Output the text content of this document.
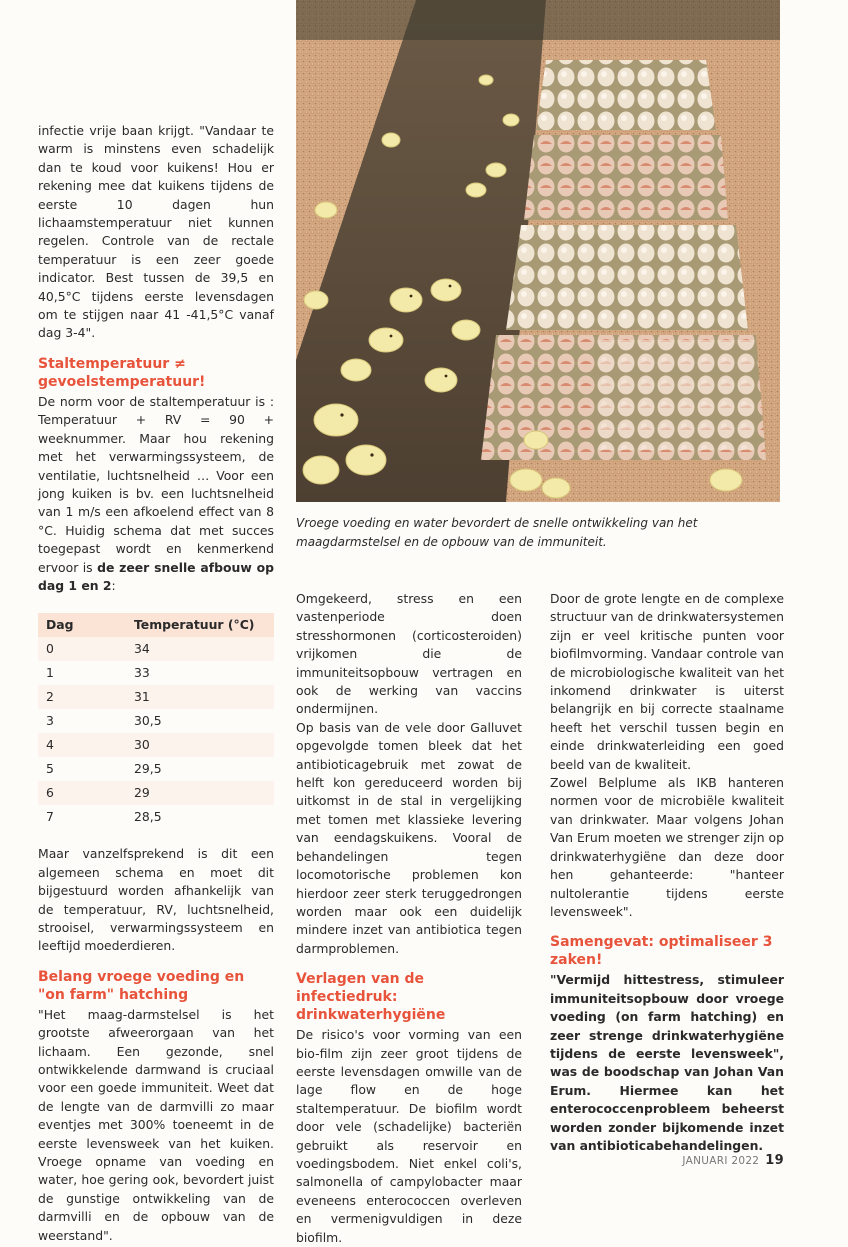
Vroege voeding en water bevordert de snelle ontwikkeling van het maagdarmstelsel en de opbouw van de immuniteit.

infectie vrije baan krijgt. "Vandaar te warm is minstens even schadelijk dan te koud voor kuikens! Hou er rekening mee dat kuikens tijdens de eerste 10 dagen hun lichaamstemperatuur niet kunnen regelen. Controle van de rectale temperatuur is een zeer goede indicator. Best tussen de 39,5 en 40,5°C tijdens eerste levensdagen om te stijgen naar 41 -41,5°C vanaf dag 3-4".

Staltemperatuur ≠ gevoelstemperatuur!

De norm voor de staltemperatuur is : Temperatuur + RV = 90 + weeknummer. Maar hou rekening met het verwarmingssysteem, de ventilatie, luchtsnelheid … Voor een jong kuiken is bv. een luchtsnelheid van 1 m/s een afkoelend effect van 8 °C. Huidig schema dat met succes toegepast wordt en kenmerkend ervoor is de zeer snelle afbouw op dag 1 en 2:

Dag	Temperatuur (°C)
0	34
1	33
2	31
3	30,5
4	30
5	29,5
6	29
7	28,5

Maar vanzelfsprekend is dit een algemeen schema en moet dit bijgestuurd worden afhankelijk van de temperatuur, RV, luchtsnelheid, strooisel, verwarmingssysteem en leeftijd moederdieren.

Belang vroege voeding en "on farm" hatching

"Het maag-darmstelsel is het grootste afweerorgaan van het lichaam. Een gezonde, snel ontwikkelende darmwand is cruciaal voor een goede immuniteit. Weet dat de lengte van de darmvilli zo maar eventjes met 300% toeneemt in de eerste levensweek van het kuiken. Vroege opname van voeding en water, hoe gering ook, bevordert juist de gunstige ontwikkeling van de darmvilli en de opbouw van de weerstand".

Omgekeerd, stress en een vastenperiode doen stresshormonen (corticosteroiden) vrijkomen die de immuniteitsopbouw vertragen en ook de werking van vaccins ondermijnen.

Op basis van de vele door Galluvet opgevolgde tomen bleek dat het antibioticagebruik met zowat de helft kon gereduceerd worden bij uitkomst in de stal in vergelijking met tomen met klassieke levering van eendagskuikens. Vooral de behandelingen tegen locomotorische problemen kon hierdoor zeer sterk teruggedrongen worden maar ook een duidelijk mindere inzet van antibiotica tegen darmproblemen.

Verlagen van de infectiedruk: drinkwaterhygiëne

De risico's voor vorming van een bio-film zijn zeer groot tijdens de eerste levensdagen omwille van de lage flow en de hoge staltemperatuur. De biofilm wordt door vele (schadelijke) bacteriën gebruikt als reservoir en voedingsbodem. Niet enkel coli's, salmonella of campylobacter maar eveneens enterococcen overleven en vermenigvuldigen in deze biofilm.

Door de grote lengte en de complexe structuur van de drinkwatersystemen zijn er veel kritische punten voor biofilmvorming. Vandaar controle van de microbiologische kwaliteit van het inkomend drinkwater is uiterst belangrijk en bij correcte staalname heeft het verschil tussen begin en einde drinkwaterleiding een goed beeld van de kwaliteit.

Zowel Belplume als IKB hanteren normen voor de microbiële kwaliteit van drinkwater. Maar volgens Johan Van Erum moeten we strenger zijn op drinkwaterhygiëne dan deze door hen gehanteerde: "hanteer nultolerantie tijdens eerste levensweek".

Samengevat: optimaliseer 3 zaken!

"Vermijd hittestress, stimuleer immuniteitsopbouw door vroege voeding (on farm hatching) en zeer strenge drinkwaterhygiëne tijdens de eerste levensweek", was de boodschap van Johan Van Erum. Hiermee kan het enterococcenprobleem beheerst worden zonder bijkomende inzet van antibioticabehandelingen.

JANUARI 2022 19
